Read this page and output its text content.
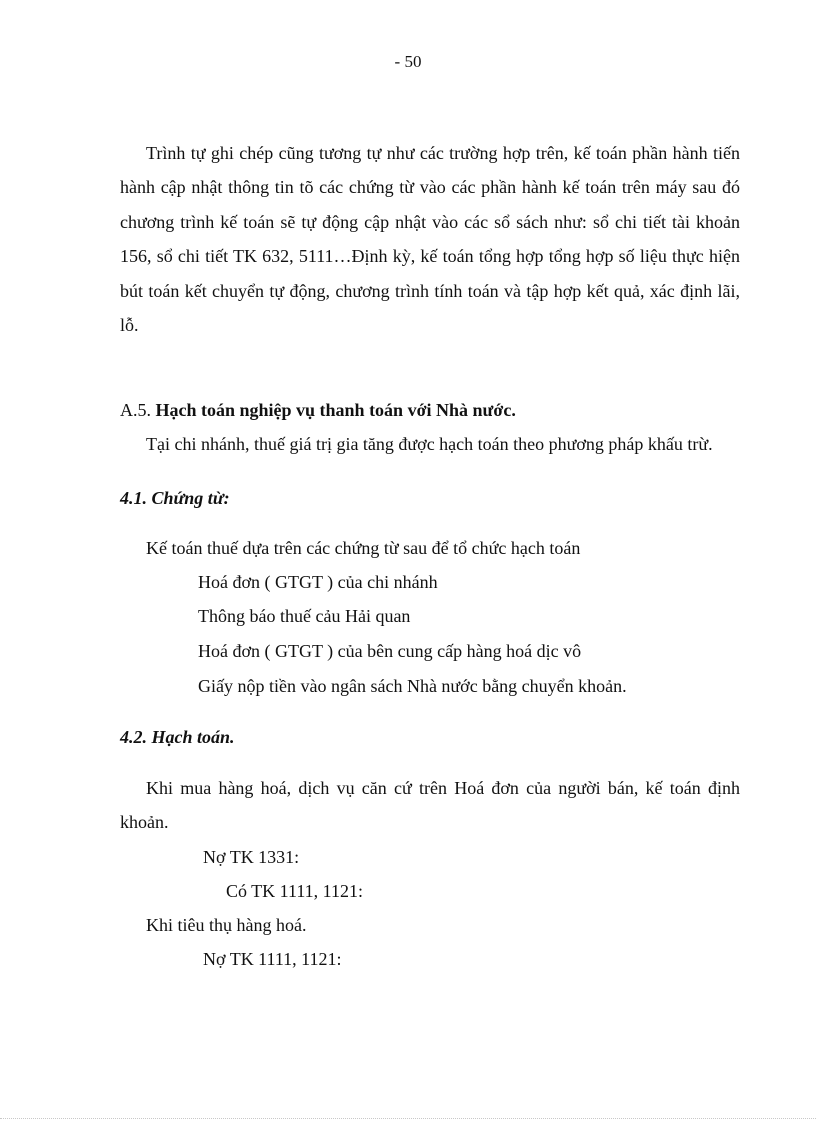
- 50

Trình tự ghi chép cũng tương tự như các trường hợp trên, kế toán phần hành tiến hành cập nhật thông tin tõ các chứng từ vào các phần hành kế toán trên máy sau đó chương trình kế toán sẽ tự động cập nhật vào các sổ sách như: sổ chi tiết tài khoản 156, sổ chi tiết TK 632, 5111…Định kỳ, kế toán tổng hợp tổng hợp số liệu thực hiện bút toán kết chuyển tự động, chương trình tính toán và tập hợp kết quả, xác định lãi, lỗ.

A.5. Hạch toán nghiệp vụ thanh toán với Nhà nước.

Tại chi nhánh, thuế giá trị gia tăng được hạch toán theo phương pháp khấu trừ.

4.1. Chứng từ:

Kế toán thuế dựa trên các chứng từ sau để tổ chức hạch toán

Hoá đơn ( GTGT ) của chi nhánh

Thông báo thuế cảu Hải quan

Hoá đơn ( GTGT ) của bên cung cấp hàng hoá dịc vô

Giấy nộp tiền vào ngân sách Nhà nước bằng chuyển khoản.

4.2. Hạch toán.

Khi mua hàng hoá, dịch vụ căn cứ trên Hoá đơn của người bán, kế toán định khoản.

Nợ TK 1331:

Có TK 1111, 1121:

Khi tiêu thụ hàng hoá.

Nợ TK 1111, 1121:
